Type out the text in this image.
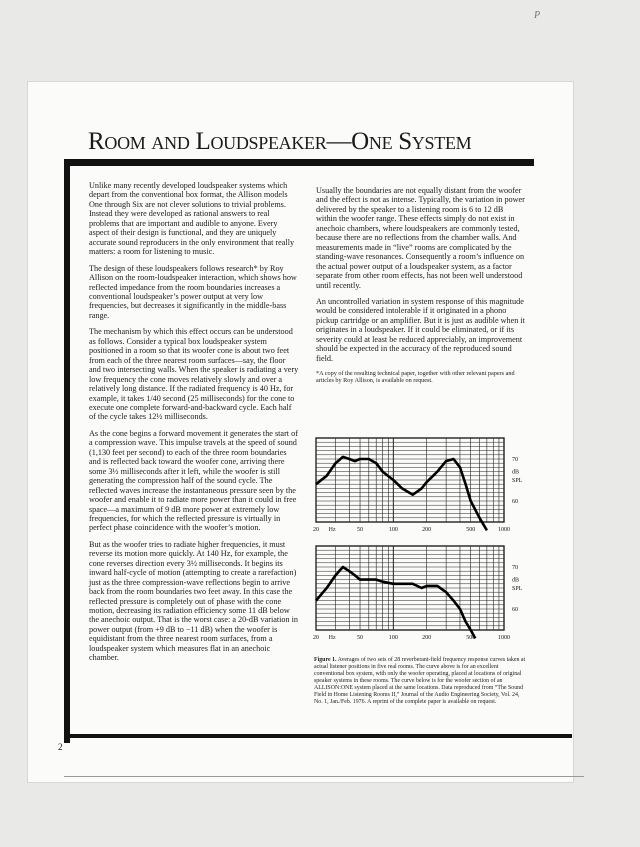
P
Room and Loudspeaker—One System

Unlike many recently developed loudspeaker systems which depart from the conventional box format, the Allison models One through Six are not clever solutions to trivial problems. Instead they were developed as rational answers to real problems that are important and audible to anyone. Every aspect of their design is functional, and they are uniquely accurate sound reproducers in the only environment that really matters: a room for listening to music.

The design of these loudspeakers follows research* by Roy Allison on the room-loudspeaker interaction, which shows how reflected impedance from the room boundaries increases a conventional loudspeaker’s power output at very low frequencies, but decreases it significantly in the middle-bass range.

The mechanism by which this effect occurs can be understood as follows. Consider a typical box loudspeaker system positioned in a room so that its woofer cone is about two feet from each of the three nearest room surfaces—say, the floor and two intersecting walls. When the speaker is radiating a very low frequency the cone moves relatively slowly and over a relatively long distance. If the radiated frequency is 40 Hz, for example, it takes 1/40 second (25 milliseconds) for the cone to execute one complete forward-and-backward cycle. Each half of the cycle takes 12½ milliseconds.

As the cone begins a forward movement it generates the start of a compression wave. This impulse travels at the speed of sound (1,130 feet per second) to each of the three room boundaries and is reflected back toward the woofer cone, arriving there some 3½ milliseconds after it left, while the woofer is still generating the compression half of the sound cycle. The reflected waves increase the instantaneous pressure seen by the woofer and enable it to radiate more power than it could in free space—a maximum of 9 dB more power at extremely low frequencies, for which the reflected pressure is virtually in perfect phase coincidence with the woofer’s motion.

But as the woofer tries to radiate higher frequencies, it must reverse its motion more quickly. At 140 Hz, for example, the cone reverses direction every 3½ milliseconds. It begins its inward half-cycle of motion (attempting to create a rarefaction) just as the three compression-wave reflections begin to arrive back from the room boundaries two feet away. In this case the reflected pressure is completely out of phase with the cone motion, decreasing its radiation efficiency some 11 dB below the anechoic output. That is the worst case: a 20-dB variation in power output (from +9 dB to −11 dB) when the woofer is equidistant from the three nearest room surfaces, from a loudspeaker system which measures flat in an anechoic chamber.

Usually the boundaries are not equally distant from the woofer and the effect is not as intense. Typically, the variation in power delivered by the speaker to a listening room is 6 to 12 dB within the woofer range. These effects simply do not exist in anechoic chambers, where loudspeakers are commonly tested, because there are no reflections from the chamber walls. And measurements made in “live” rooms are complicated by the standing-wave resonances. Consequently a room’s influence on the actual power output of a loudspeaker system, as a factor separate from other room effects, has not been well understood until recently.

An uncontrolled variation in system response of this magnitude would be considered intolerable if it originated in a phono pickup cartridge or an amplifier. But it is just as audible when it originates in a loudspeaker. If it could be eliminated, or if its severity could at least be reduced appreciably, an improvement should be expected in the accuracy of the reproduced sound field.

*A copy of the resulting technical paper, together with other relevant papers and articles by Roy Allison, is available on request.

20 Hz	50	100	200	500	1000
70
dB
SPL
60
20 Hz	50	100	200	500	1000
70
dB
SPL
60
Figure 1. Averages of two sets of 28 reverberant-field frequency response curves taken at actual listener positions in five real rooms. The curve above is for an excellent conventional box system, with only the woofer operating, placed at locations of original speaker systems in these rooms. The curve below is for the woofer section of an ALLISON:ONE system placed at the same locations. Data reproduced from “The Sound Field in Home Listening Rooms II,” Journal of the Audio Engineering Society, Vol. 24, No. 1, Jan./Feb. 1976. A reprint of the complete paper is available on request.
2
